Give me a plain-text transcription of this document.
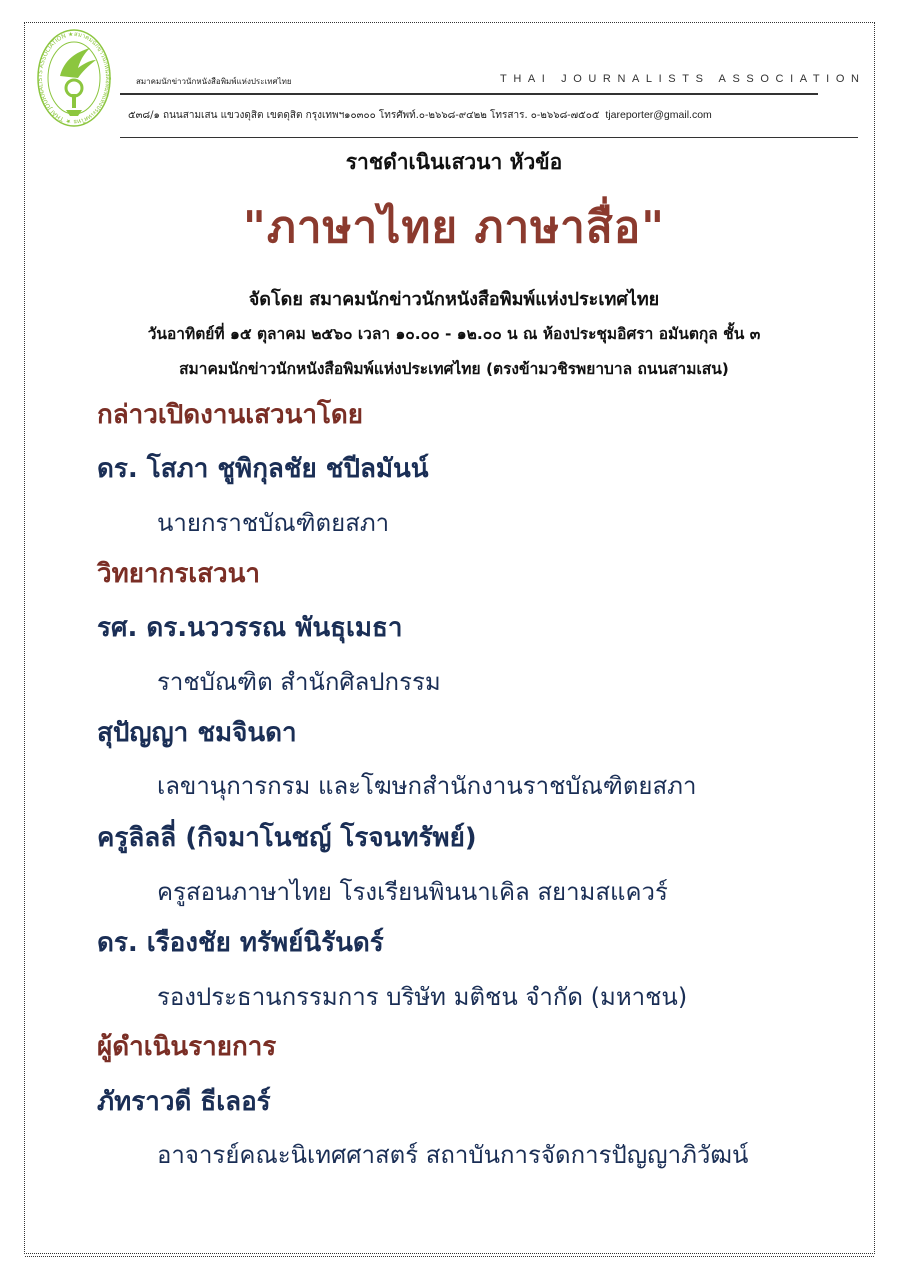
สมาคมนักข่าวนักหนังสือพิมพ์แห่งประเทศไทย ★ THAI JOURNALISTS ASSOCIATION ★
สมาคมนักข่าวนักหนังสือพิมพ์แห่งประเทศไทย	THAI JOURNALISTS ASSOCIATION
๕๓๘/๑ ถนนสามเสน แขวงดุสิต เขตดุสิต กรุงเทพฯ๑๐๓๐๐ โทรศัพท์.๐-๒๖๖๘-๙๔๒๒ โทรสาร. ๐-๒๖๖๘-๗๕๐๕ tjareporter@gmail.com
ราชดำเนินเสวนา หัวข้อ
"ภาษาไทย ภาษาสื่อ"
จัดโดย สมาคมนักข่าวนักหนังสือพิมพ์แห่งประเทศไทย
วันอาทิตย์ที่ ๑๕ ตุลาคม ๒๕๖๐ เวลา ๑๐.๐๐ - ๑๒.๐๐ น ณ ห้องประชุมอิศรา อมันตกุล ชั้น ๓
สมาคมนักข่าวนักหนังสือพิมพ์แห่งประเทศไทย (ตรงข้ามวชิรพยาบาล ถนนสามเสน)
กล่าวเปิดงานเสวนาโดย
ดร. โสภา ชูพิกุลชัย ชปีลมันน์
นายกราชบัณฑิตยสภา
วิทยากรเสวนา
รศ. ดร.นววรรณ พันธุเมธา
ราชบัณฑิต สำนักศิลปกรรม
สุปัญญา ชมจินดา
เลขานุการกรม และโฆษกสำนักงานราชบัณฑิตยสภา
ครูลิลลี่ (กิจมาโนชญ์ โรจนทรัพย์)
ครูสอนภาษาไทย โรงเรียนพินนาเคิล สยามสแควร์
ดร. เรืองชัย ทรัพย์นิรันดร์
รองประธานกรรมการ บริษัท มติชน จำกัด (มหาชน)
ผู้ดำเนินรายการ
ภัทราวดี ธีเลอร์
อาจารย์คณะนิเทศศาสตร์ สถาบันการจัดการปัญญาภิวัฒน์
